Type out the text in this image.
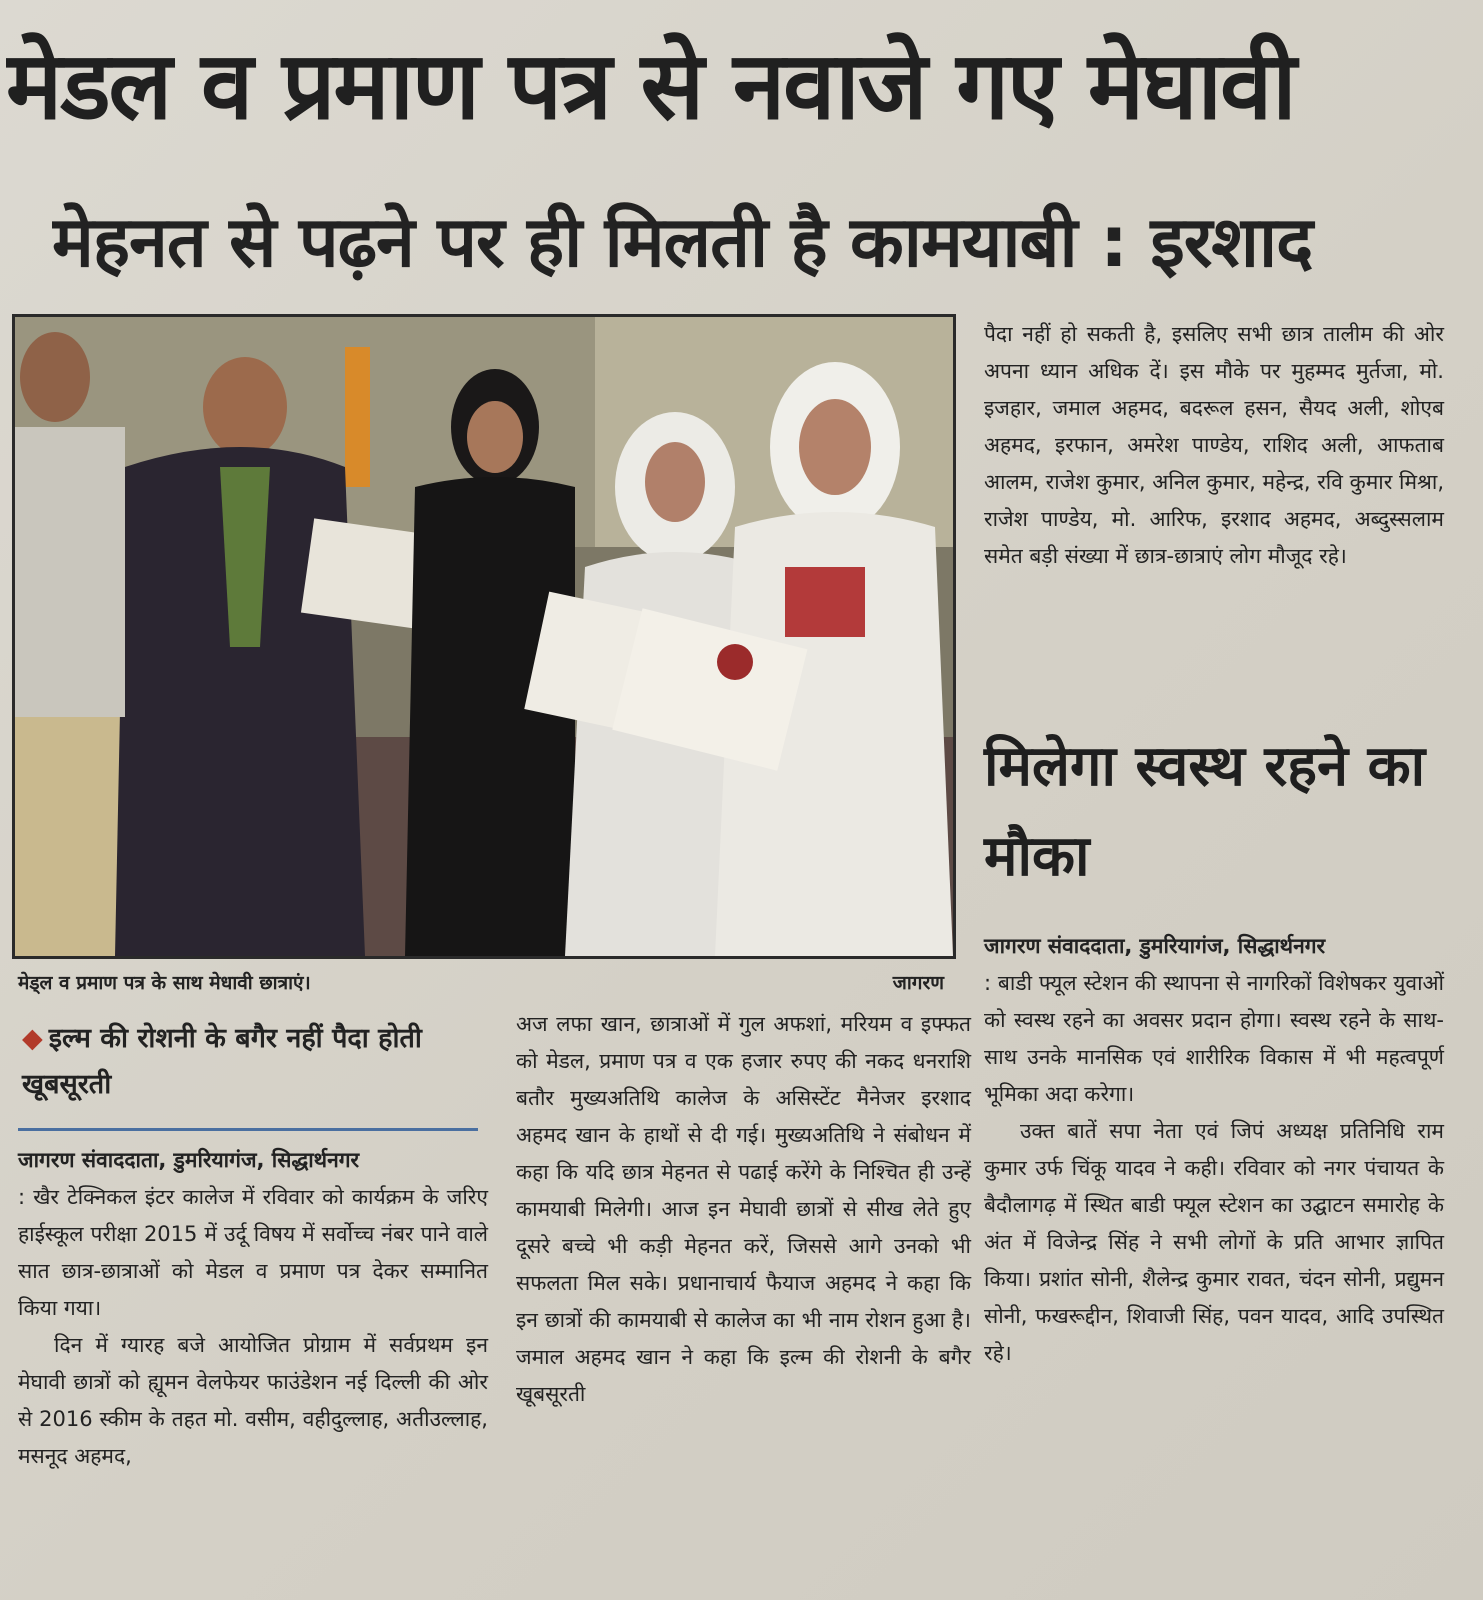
मेडल व प्रमाण पत्र से नवाजे गए मेघावी
मेहनत से पढ़ने पर ही मिलती है कामयाबी : इरशाद
मेड्ल व प्रमाण पत्र के साथ मेधावी छात्राएं।	जागरण

पैदा नहीं हो सकती है, इसलिए सभी छात्र तालीम की ओर अपना ध्यान अधिक दें। इस मौके पर मुहम्मद मुर्तजा, मो. इजहार, जमाल अहमद, बदरूल हसन, सैयद अली, शोएब अहमद, इरफान, अमरेश पाण्डेय, राशिद अली, आफताब आलम, राजेश कुमार, अनिल कुमार, महेन्द्र, रवि कुमार मिश्रा, राजेश पाण्डेय, मो. आरिफ, इरशाद अहमद, अब्दुस्सलाम समेत बड़ी संख्या में छात्र-छात्राएं लोग मौजूद रहे।

मिलेगा स्वस्थ रहने का मौका

जागरण संवाददाता, डुमरियागंज, सिद्धार्थनगर

: बाडी फ्यूल स्टेशन की स्थापना से नागरिकों विशेषकर युवाओं को स्वस्थ रहने का अवसर प्रदान होगा। स्वस्थ रहने के साथ-साथ उनके मानसिक एवं शारीरिक विकास में भी महत्वपूर्ण भूमिका अदा करेगा।

उक्त बातें सपा नेता एवं जिपं अध्यक्ष प्रतिनिधि राम कुमार उर्फ चिंकू यादव ने कही। रविवार को नगर पंचायत के बैदौलागढ़ में स्थित बाडी फ्यूल स्टेशन का उद्घाटन समारोह के अंत में विजेन्द्र सिंह ने सभी लोगों के प्रति आभार ज्ञापित किया। प्रशांत सोनी, शैलेन्द्र कुमार रावत, चंदन सोनी, प्रद्युमन सोनी, फखरूद्दीन, शिवाजी सिंह, पवन यादव, आदि उपस्थित रहे।

◆ इल्म की रोशनी के बगैर नहीं पैदा होती खूबसूरती

जागरण संवाददाता, डुमरियागंज, सिद्धार्थनगर

: खैर टेक्निकल इंटर कालेज में रविवार को कार्यक्रम के जरिए हाईस्कूल परीक्षा 2015 में उर्दू विषय में सर्वोच्च नंबर पाने वाले सात छात्र-छात्राओं को मेडल व प्रमाण पत्र देकर सम्मानित किया गया।

दिन में ग्यारह बजे आयोजित प्रोग्राम में सर्वप्रथम इन मेघावी छात्रों को ह्यूमन वेलफेयर फाउंडेशन नई दिल्ली की ओर से 2016 स्कीम के तहत मो. वसीम, वहीदुल्लाह, अतीउल्लाह, मसनूद अहमद,

अज लफा खान, छात्राओं में गुल अफशां, मरियम व इफ्फत को मेडल, प्रमाण पत्र व एक हजार रुपए की नकद धनराशि बतौर मुख्यअतिथि कालेज के असिस्टेंट मैनेजर इरशाद अहमद खान के हाथों से दी गई। मुख्यअतिथि ने संबोधन में कहा कि यदि छात्र मेहनत से पढाई करेंगे के निश्चित ही उन्हें कामयाबी मिलेगी। आज इन मेघावी छात्रों से सीख लेते हुए दूसरे बच्चे भी कड़ी मेहनत करें, जिससे आगे उनको भी सफलता मिल सके। प्रधानाचार्य फैयाज अहमद ने कहा कि इन छात्रों की कामयाबी से कालेज का भी नाम रोशन हुआ है। जमाल अहमद खान ने कहा कि इल्म की रोशनी के बगैर खूबसूरती
